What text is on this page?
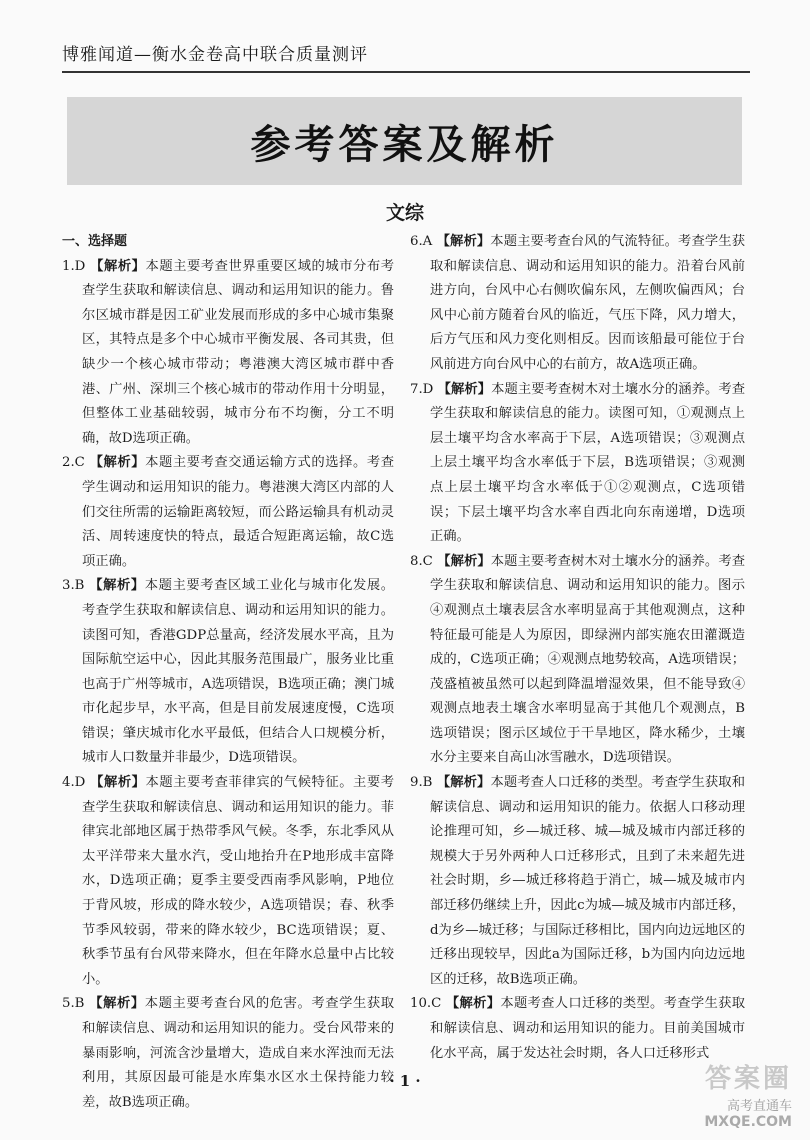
博雅闻道—衡水金卷高中联合质量测评
参考答案及解析
文综
一、选择题
1.D 【解析】本题主要考查世界重要区域的城市分布考查学生获取和解读信息、调动和运用知识的能力。鲁尔区城市群是因工矿业发展而形成的多中心城市集聚区，其特点是多个中心城市平衡发展、各司其贵，但缺少一个核心城市带动；粤港澳大湾区城市群中香港、广州、深圳三个核心城市的带动作用十分明显，但整体工业基础较弱，城市分布不均衡，分工不明确，故D选项正确。
2.C 【解析】本题主要考查交通运输方式的选择。考查学生调动和运用知识的能力。粤港澳大湾区内部的人们交往所需的运输距离较短，而公路运输具有机动灵活、周转速度快的特点，最适合短距离运输，故C选项正确。
3.B 【解析】本题主要考查区域工业化与城市化发展。考查学生获取和解读信息、调动和运用知识的能力。读图可知，香港GDP总量高，经济发展水平高，且为国际航空运中心，因此其服务范围最广，服务业比重也高于广州等城市，A选项错误，B选项正确；澳门城市化起步早，水平高，但是目前发展速度慢，C选项错误；肇庆城市化水平最低，但结合人口规模分析，城市人口数量并非最少，D选项错误。
4.D 【解析】本题主要考查菲律宾的气候特征。主要考查学生获取和解读信息、调动和运用知识的能力。菲律宾北部地区属于热带季风气候。冬季，东北季风从太平洋带来大量水汽，受山地抬升在P地形成丰富降水，D选项正确；夏季主要受西南季风影响，P地位于背风坡，形成的降水较少，A选项错误；春、秋季节季风较弱，带来的降水较少，BC选项错误；夏、秋季节虽有台风带来降水，但在年降水总量中占比较小。
5.B 【解析】本题主要考查台风的危害。考查学生获取和解读信息、调动和运用知识的能力。受台风带来的暴雨影响，河流含沙量增大，造成自来水浑浊而无法利用，其原因最可能是水库集水区水土保持能力较差，故B选项正确。
6.A 【解析】本题主要考查台风的气流特征。考查学生获取和解读信息、调动和运用知识的能力。沿着台风前进方向，台风中心右侧吹偏东风，左侧吹偏西风；台风中心前方随着台风的临近，气压下降，风力增大，后方气压和风力变化则相反。因而该船最可能位于台风前进方向台风中心的右前方，故A选项正确。
7.D 【解析】本题主要考查树木对土壤水分的涵养。考查学生获取和解读信息的能力。读图可知，①观测点上层土壤平均含水率高于下层，A选项错误；③观测点上层土壤平均含水率低于下层，B选项错误；③观测点上层土壤平均含水率低于①②观测点，C选项错误；下层土壤平均含水率自西北向东南递增，D选项正确。
8.C 【解析】本题主要考查树木对土壤水分的涵养。考查学生获取和解读信息、调动和运用知识的能力。图示④观测点土壤表层含水率明显高于其他观测点，这种特征最可能是人为原因，即绿洲内部实施农田灌溉造成的，C选项正确；④观测点地势较高，A选项错误；茂盛植被虽然可以起到降温增湿效果，但不能导致④观测点地表土壤含水率明显高于其他几个观测点，B选项错误；图示区域位于干旱地区，降水稀少，土壤水分主要来自高山冰雪融水，D选项错误。
9.B 【解析】本题考查人口迁移的类型。考查学生获取和解读信息、调动和运用知识的能力。依据人口移动理论推理可知，乡—城迁移、城—城及城市内部迁移的规模大于另外两种人口迁移形式，且到了未来超先进社会时期，乡—城迁移将趋于消亡，城—城及城市内部迁移仍继续上升，因此c为城—城及城市内部迁移，d为乡—城迁移；与国际迁移相比，国内向边远地区的迁移出现较早，因此a为国际迁移，b为国内向边远地区的迁移，故B选项正确。
10.C 【解析】本题考查人口迁移的类型。考查学生获取和解读信息、调动和运用知识的能力。目前美国城市化水平高，属于发达社会时期，各人口迁移形式
· 1 ·	答案圈
高考直通车
MXQE.COM
